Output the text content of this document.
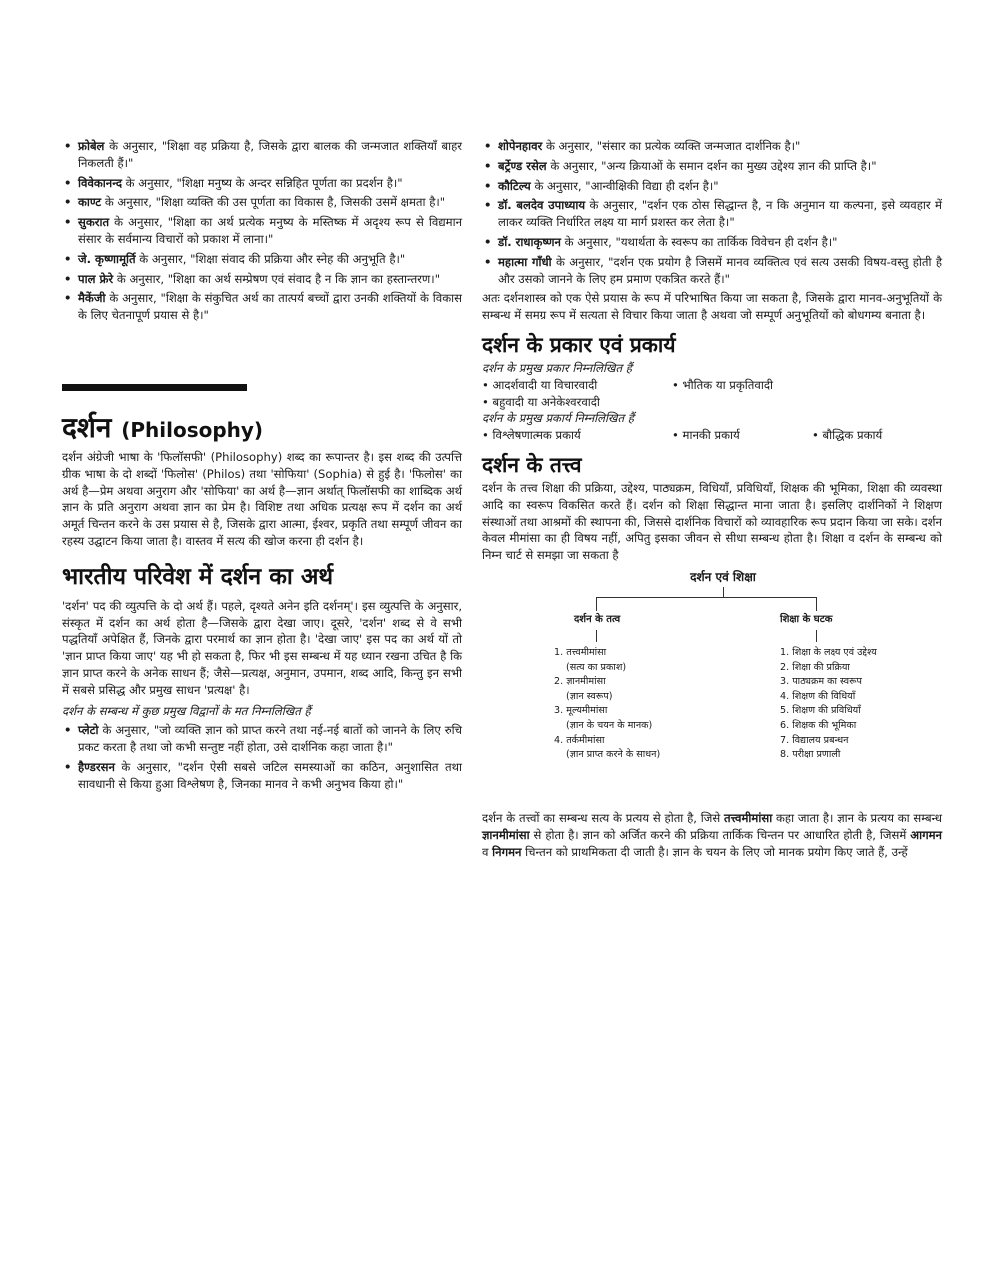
• फ्रोबेल के अनुसार, "शिक्षा वह प्रक्रिया है, जिसके द्वारा बालक की जन्मजात शक्तियाँ बाहर निकलती हैं।"
• विवेकानन्द के अनुसार, "शिक्षा मनुष्य के अन्दर सन्निहित पूर्णता का प्रदर्शन है।"
• काण्ट के अनुसार, "शिक्षा व्यक्ति की उस पूर्णता का विकास है, जिसकी उसमें क्षमता है।"
• सुकरात के अनुसार, "शिक्षा का अर्थ प्रत्येक मनुष्य के मस्तिष्क में अदृश्य रूप से विद्यमान संसार के सर्वमान्य विचारों को प्रकाश में लाना।"
• जे. कृष्णामूर्ति के अनुसार, "शिक्षा संवाद की प्रक्रिया और स्नेह की अनुभूति है।"
• पाल फ्रेरे के अनुसार, "शिक्षा का अर्थ सम्प्रेषण एवं संवाद है न कि ज्ञान का हस्तान्तरण।"
• मैकेंजी के अनुसार, "शिक्षा के संकुचित अर्थ का तात्पर्य बच्चों द्वारा उनकी शक्तियों के विकास के लिए चेतनापूर्ण प्रयास से है।"
दर्शन (Philosophy)

दर्शन अंग्रेजी भाषा के 'फिलॉसफी' (Philosophy) शब्द का रूपान्तर है। इस शब्द की उत्पत्ति ग्रीक भाषा के दो शब्दों 'फिलोस' (Philos) तथा 'सोफिया' (Sophia) से हुई है। 'फिलोस' का अर्थ है—प्रेम अथवा अनुराग और 'सोफिया' का अर्थ है—ज्ञान अर्थात् फिलॉसफी का शाब्दिक अर्थ ज्ञान के प्रति अनुराग अथवा ज्ञान का प्रेम है। विशिष्ट तथा अधिक प्रत्यक्ष रूप में दर्शन का अर्थ अमूर्त चिन्तन करने के उस प्रयास से है, जिसके द्वारा आत्मा, ईश्वर, प्रकृति तथा सम्पूर्ण जीवन का रहस्य उद्घाटन किया जाता है। वास्तव में सत्य की खोज करना ही दर्शन है।

भारतीय परिवेश में दर्शन का अर्थ

'दर्शन' पद की व्युत्पत्ति के दो अर्थ हैं। पहले, दृश्यते अनेन इति दर्शनम्'। इस व्युत्पत्ति के अनुसार, संस्कृत में दर्शन का अर्थ होता है—जिसके द्वारा देखा जाए। दूसरे, 'दर्शन' शब्द से वे सभी पद्धतियाँ अपेक्षित हैं, जिनके द्वारा परमार्थ का ज्ञान होता है। 'देखा जाए' इस पद का अर्थ यों तो 'ज्ञान प्राप्त किया जाए' यह भी हो सकता है, फिर भी इस सम्बन्ध में यह ध्यान रखना उचित है कि ज्ञान प्राप्त करने के अनेक साधन हैं; जैसे—प्रत्यक्ष, अनुमान, उपमान, शब्द आदि, किन्तु इन सभी में सबसे प्रसिद्ध और प्रमुख साधन 'प्रत्यक्ष' है।

दर्शन के सम्बन्ध में कुछ प्रमुख विद्वानों के मत निम्नलिखित हैं

• प्लेटो के अनुसार, "जो व्यक्ति ज्ञान को प्राप्त करने तथा नई-नई बातों को जानने के लिए रुचि प्रकट करता है तथा जो कभी सन्तुष्ट नहीं होता, उसे दार्शनिक कहा जाता है।"
• हैण्डरसन के अनुसार, "दर्शन ऐसी सबसे जटिल समस्याओं का कठिन, अनुशासित तथा सावधानी से किया हुआ विश्लेषण है, जिनका मानव ने कभी अनुभव किया हो।"
• शोपेनहावर के अनुसार, "संसार का प्रत्येक व्यक्ति जन्मजात दार्शनिक है।"
• बर्ट्रेण्ड रसेल के अनुसार, "अन्य क्रियाओं के समान दर्शन का मुख्य उद्देश्य ज्ञान की प्राप्ति है।"
• कौटिल्य के अनुसार, "आन्वीक्षिकी विद्या ही दर्शन है।"
• डॉ. बलदेव उपाध्याय के अनुसार, "दर्शन एक ठोस सिद्धान्त है, न कि अनुमान या कल्पना, इसे व्यवहार में लाकर व्यक्ति निर्धारित लक्ष्य या मार्ग प्रशस्त कर लेता है।"
• डॉ. राधाकृष्णन के अनुसार, "यथार्थता के स्वरूप का तार्किक विवेचन ही दर्शन है।"
• महात्मा गाँधी के अनुसार, "दर्शन एक प्रयोग है जिसमें मानव व्यक्तित्व एवं सत्य उसकी विषय-वस्तु होती है और उसको जानने के लिए हम प्रमाण एकत्रित करते हैं।"

अतः दर्शनशास्त्र को एक ऐसे प्रयास के रूप में परिभाषित किया जा सकता है, जिसके द्वारा मानव-अनुभूतियों के सम्बन्ध में समग्र रूप में सत्यता से विचार किया जाता है अथवा जो सम्पूर्ण अनुभूतियों को बोधगम्य बनाता है।

दर्शन के प्रकार एवं प्रकार्य

दर्शन के प्रमुख प्रकार निम्नलिखित हैं

• आदर्शवादी या विचारवादी	• भौतिक या प्रकृतिवादी
• बहुवादी या अनेकेश्वरवादी

दर्शन के प्रमुख प्रकार्य निम्नलिखित हैं

• विश्लेषणात्मक प्रकार्य	• मानकी प्रकार्य	• बौद्धिक प्रकार्य
दर्शन के तत्त्व

दर्शन के तत्त्व शिक्षा की प्रक्रिया, उद्देश्य, पाठ्यक्रम, विधियाँ, प्रविधियाँ, शिक्षक की भूमिका, शिक्षा की व्यवस्था आदि का स्वरूप विकसित करते हैं। दर्शन को शिक्षा सिद्धान्त माना जाता है। इसलिए दार्शनिकों ने शिक्षण संस्थाओं तथा आश्रमों की स्थापना की, जिससे दार्शनिक विचारों को व्यावहारिक रूप प्रदान किया जा सके। दर्शन केवल मीमांसा का ही विषय नहीं, अपितु इसका जीवन से सीधा सम्बन्ध होता है। शिक्षा व दर्शन के सम्बन्ध को निम्न चार्ट से समझा जा सकता है

दर्शन एवं शिक्षा
दर्शन के तत्व	शिक्षा के घटक
1. तत्त्वमीमांसा
(सत्य का प्रकाश)
2. ज्ञानमीमांसा
(ज्ञान स्वरूप)
3. मूल्यमीमांसा
(ज्ञान के चयन के मानक)
4. तर्कमीमांसा
(ज्ञान प्राप्त करने के साधन)
1. शिक्षा के लक्ष्य एवं उद्देश्य
2. शिक्षा की प्रक्रिया
3. पाठ्यक्रम का स्वरूप
4. शिक्षण की विधियाँ
5. शिक्षण की प्रविधियाँ
6. शिक्षक की भूमिका
7. विद्यालय प्रबन्धन
8. परीक्षा प्रणाली

दर्शन के तत्त्वों का सम्बन्ध सत्य के प्रत्यय से होता है, जिसे तत्त्वमीमांसा कहा जाता है। ज्ञान के प्रत्यय का सम्बन्ध ज्ञानमीमांसा से होता है। ज्ञान को अर्जित करने की प्रक्रिया तार्किक चिन्तन पर आधारित होती है, जिसमें आगमन व निगमन चिन्तन को प्राथमिकता दी जाती है। ज्ञान के चयन के लिए जो मानक प्रयोग किए जाते हैं, उन्हें
